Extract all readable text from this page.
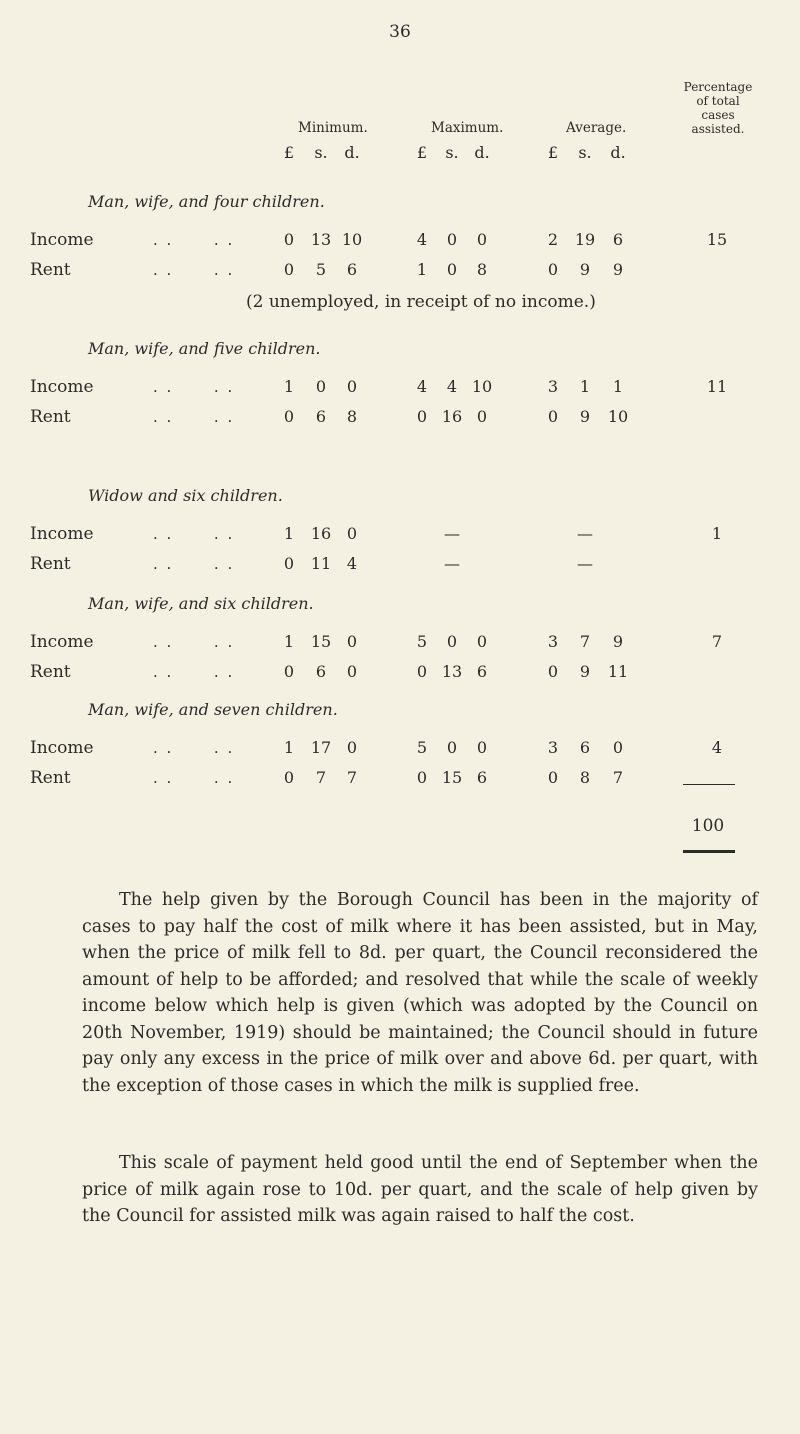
36
Minimum.	Maximum.	Average.
Percentage
of total
cases
assisted.
£	s.	d.	£	s. d.	£	s.	d.
Man, wife, and four children.
Income	. .      . .	0	13 10	4	0	0	2	19	6	15
Rent	. .      . .	0	5	6	1	0	8	0	9	9
(2 unemployed, in receipt of no income.)
Man, wife, and five children.
Income	. .      . .	1	0	0	4	4 10	3	1	1	11
Rent	. .      . .	0	6	8	0 16 0	0	9	10
Widow and six children.
Income	. .      . .	1	16 0	—	—	1
Rent	. .      . .	0	11 4	—	—
Man, wife, and six children.
Income	. .      . .	1	15 0	5	0	0	3	7	9	7
Rent	. .      . .	0	6	0	0 13 6	0	9	11
Man, wife, and seven children.
Income	. .      . .	1	17 0	5	0	0	3	6	0	4
Rent	. .      . .	0	7	7	0 15 6	0	8	7
100
The help given by the Borough Council has been in the majority of cases to pay half the cost of milk where it has been assisted, but in May, when the price of milk fell to 8d. per quart, the Council reconsidered the amount of help to be afforded; and resolved that while the scale of weekly income below which help is given (which was adopted by the Council on 20th November, 1919) should be maintained; the Council should in future pay only any excess in the price of milk over and above 6d. per quart, with the exception of those cases in which the milk is supplied free.
This scale of payment held good until the end of September when the price of milk again rose to 10d. per quart, and the scale of help given by the Council for assisted milk was again raised to half the cost.
